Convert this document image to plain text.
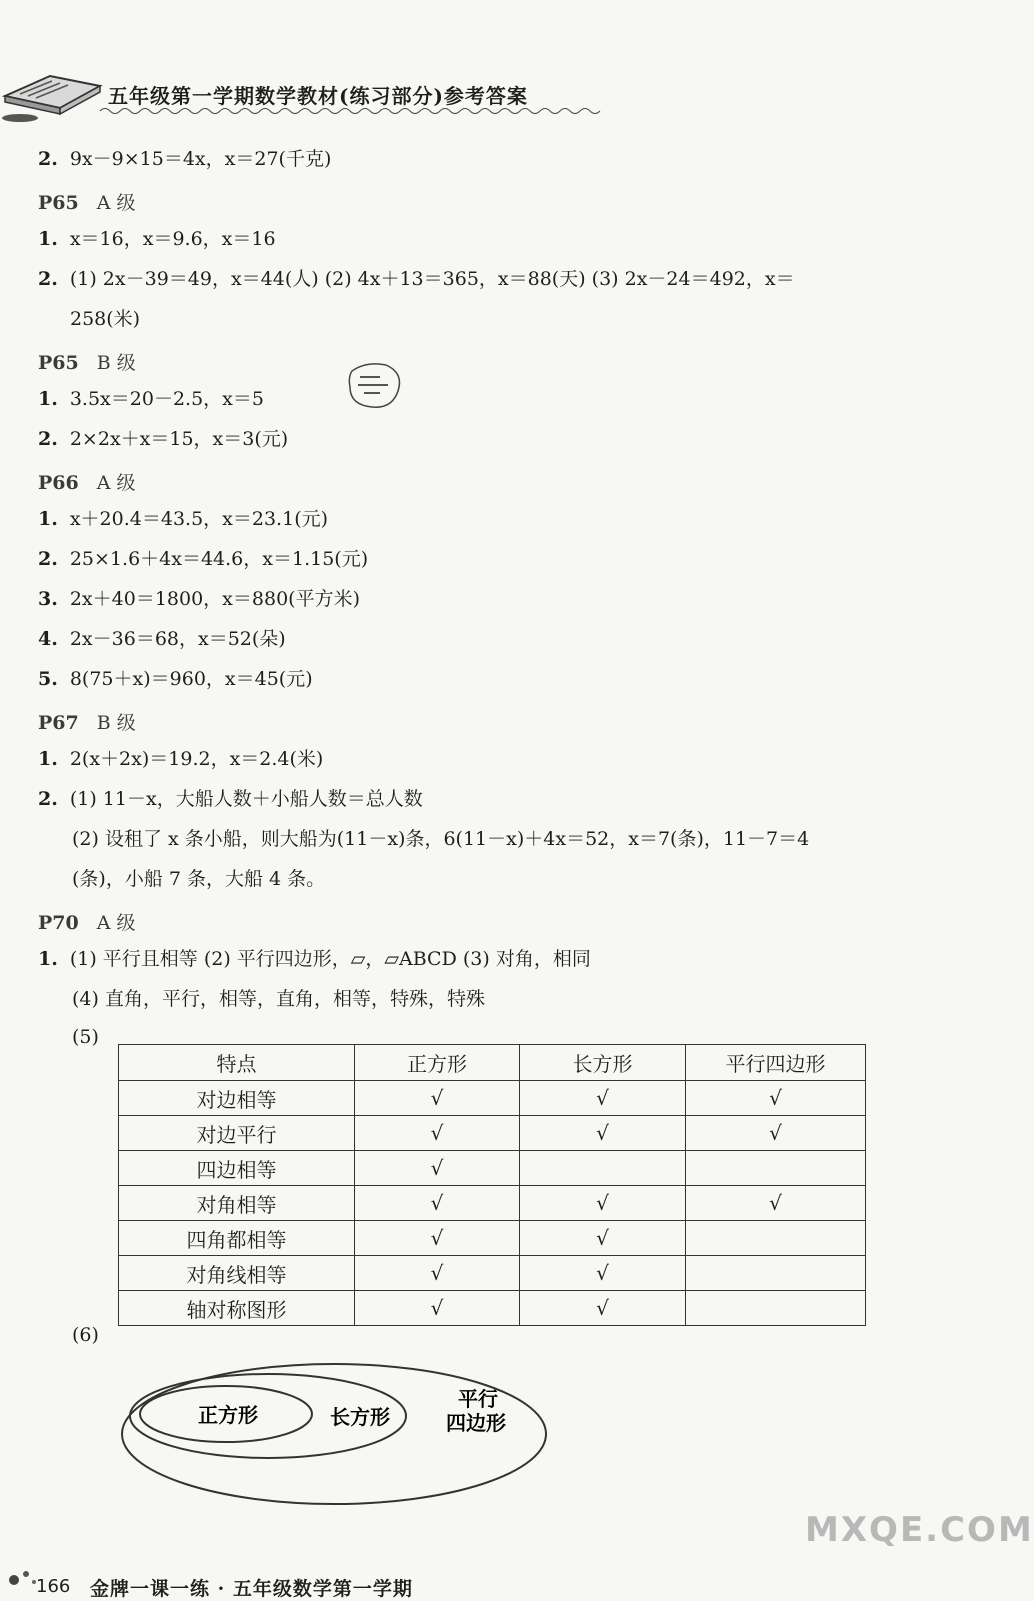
五年级第一学期数学教材(练习部分)参考答案
2. 9x－9×15＝4x，x＝27(千克)
P65 A 级
1. x＝16，x＝9.6，x＝16
2. (1) 2x－39＝49，x＝44(人) (2) 4x＋13＝365，x＝88(天) (3) 2x－24＝492，x＝
258(米)
P65 B 级
1. 3.5x＝20－2.5，x＝5
2. 2×2x＋x＝15，x＝3(元)
P66 A 级
1. x＋20.4＝43.5，x＝23.1(元)
2. 25×1.6＋4x＝44.6，x＝1.15(元)
3. 2x＋40＝1800，x＝880(平方米)
4. 2x－36＝68，x＝52(朵)
5. 8(75＋x)＝960，x＝45(元)
P67 B 级
1. 2(x＋2x)＝19.2，x＝2.4(米)
2. (1) 11－x，大船人数＋小船人数＝总人数
(2) 设租了 x 条小船，则大船为(11－x)条，6(11－x)＋4x＝52，x＝7(条)，11－7＝4
(条)，小船 7 条，大船 4 条。
P70 A 级
1. (1) 平行且相等 (2) 平行四边形，▱，▱ABCD (3) 对角，相同
(4) 直角，平行，相等，直角，相等，特殊，特殊
(5)
特点	正方形	长方形	平行四边形
对边相等	√	√	√
对边平行	√	√	√
四边相等	√		
对角相等	√	√	√
四角都相等	√	√	
对角线相等	√	√	
轴对称图形	√	√	
(6)
正方形	长方形
平行
四边形
166 金牌一课一练 · 五年级数学第一学期
MXQE.COM
